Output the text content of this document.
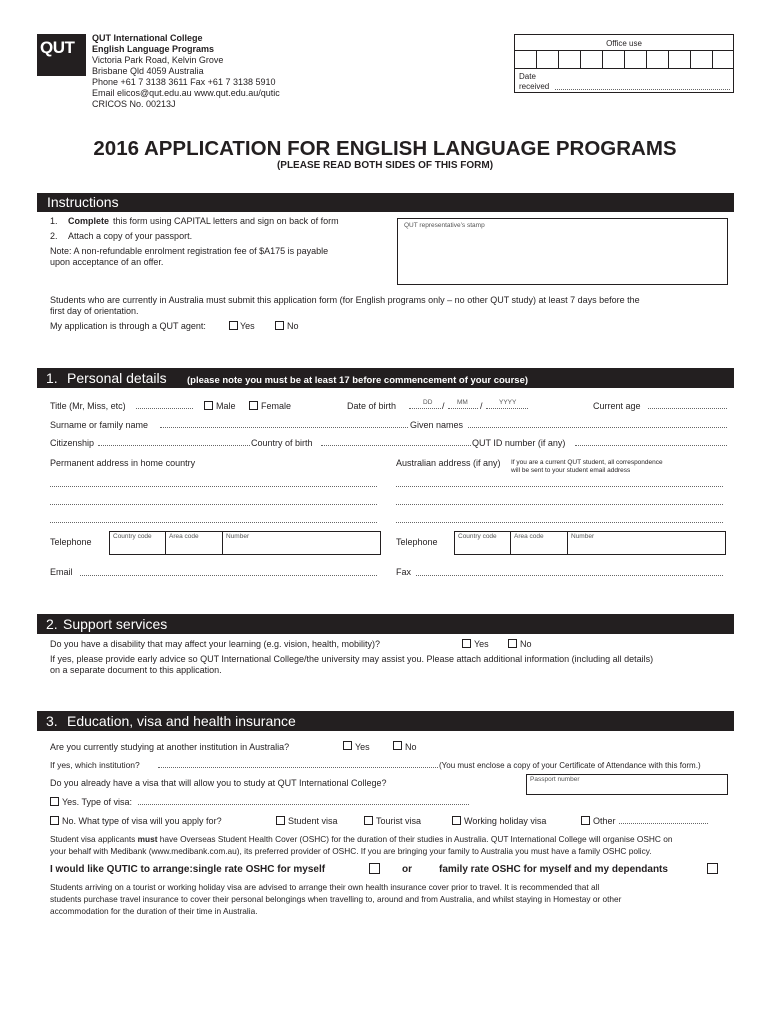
QUT QUT International College
English Language Programs
Victoria Park Road, Kelvin Grove
Brisbane Qld 4059 Australia
Phone +61 7 3138 3611 Fax +61 7 3138 5910
Email elicos@qut.edu.au www.qut.edu.au/qutic
CRICOS No. 00213J
Office use
Date
received
2016 APPLICATION FOR ENGLISH LANGUAGE PROGRAMS
(PLEASE READ BOTH SIDES OF THIS FORM)
Instructions
1. Complete this form using CAPITAL letters and sign on back of form
2. Attach a copy of your passport.
Note: A non-refundable enrolment registration fee of $A175 is payable
upon acceptance of an offer.
QUT representative’s stamp
Students who are currently in Australia must submit this application form (for English programs only – no other QUT study) at least 7 days before the
first day of orientation.
My application is through a QUT agent:	Yes	No
1. Personal details (please note you must be at least 17 before commencement of your course)
Title (Mr, Miss, etc)	Male	Female	Date of birth	DD / MM /	YYYY	Current age
Surname or family name	Given names
Citizenship	Country of birth	QUT ID number (if any)
Permanent address in home country	Australian address (if any) If you are a current QUT student, all correspondence
will be sent to your student email address
Telephone
Country code	Area code	Number
Telephone
Country code	Area code	Number
Email	Fax
2. Support services
Do you have a disability that may affect your learning (e.g. vision, health, mobility)?	Yes	No
If yes, please provide early advice so QUT International College/the university may assist you. Please attach additional information (including all details)
on a separate document to this application.
3. Education, visa and health insurance
Are you currently studying at another institution in Australia?	Yes	No
If yes, which institution?	(You must enclose a copy of your Certificate of Attendance with this form.)
Do you already have a visa that will allow you to study at QUT International College?	Passport number
Yes. Type of visa:
No. What type of visa will you apply for?	Student visa	Tourist visa	Working holiday visa	Other
Student visa applicants must have Overseas Student Health Cover (OSHC) for the duration of their studies in Australia. QUT International College will organise OSHC on
your behalf with Medibank (www.medibank.com.au), its preferred provider of OSHC. If you are bringing your family to Australia you must have a family OSHC policy.
I would like QUTIC to arrange:single rate OSHC for myself	or	family rate OSHC for myself and my dependants
Students arriving on a tourist or working holiday visa are advised to arrange their own health insurance cover prior to travel. It is recommended that all
students purchase travel insurance to cover their personal belongings when travelling to, around and from Australia, and whilst staying in Homestay or other
accommodation for the duration of their time in Australia.
